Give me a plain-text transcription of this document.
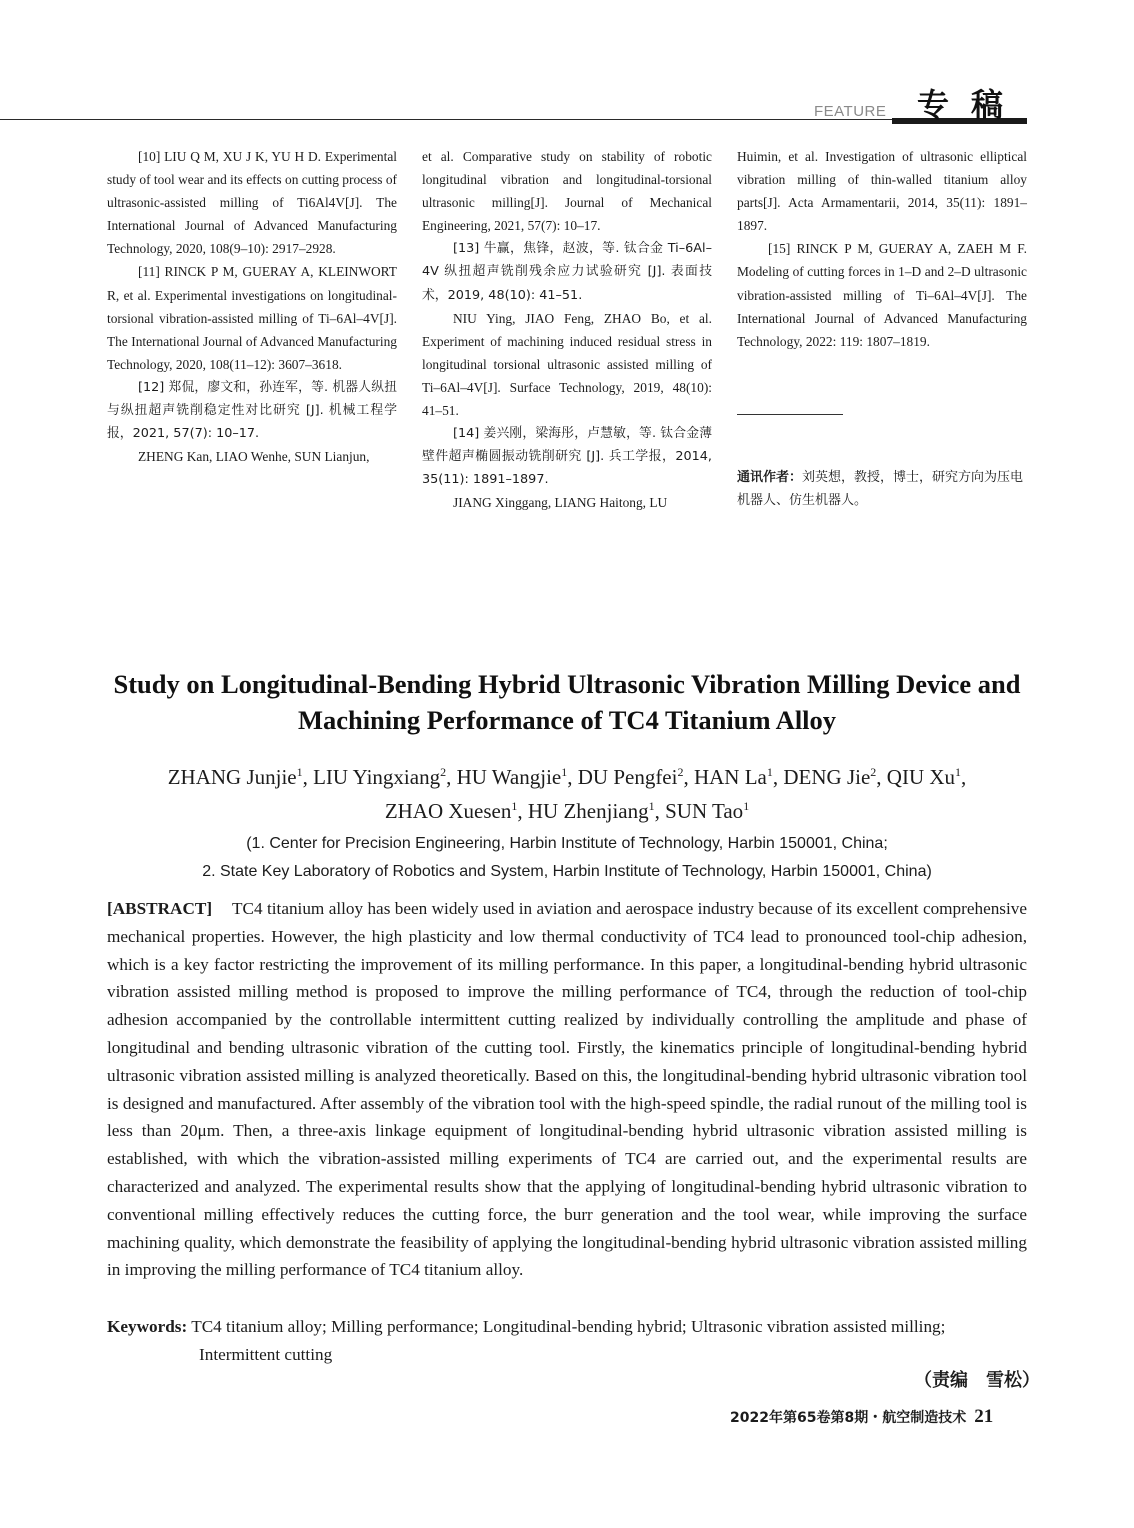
FEATURE 专稿

[10] LIU Q M, XU J K, YU H D. Experimental study of tool wear and its effects on cutting process of ultrasonic-assisted milling of Ti6Al4V[J]. The International Journal of Advanced Manufacturing Technology, 2020, 108(9–10): 2917–2928.

[11] RINCK P M, GUERAY A, KLEINWORT R, et al. Experimental investigations on longitudinal-torsional vibration-assisted milling of Ti–6Al–4V[J]. The International Journal of Advanced Manufacturing Technology, 2020, 108(11–12): 3607–3618.

[12] 郑侃，廖文和，孙连军，等. 机器人纵扭与纵扭超声铣削稳定性对比研究 [J]. 机械工程学报，2021, 57(7): 10–17.

ZHENG Kan, LIAO Wenhe, SUN Lianjun,

et al. Comparative study on stability of robotic longitudinal vibration and longitudinal-torsional ultrasonic milling[J]. Journal of Mechanical Engineering, 2021, 57(7): 10–17.

[13] 牛赢，焦锋，赵波，等. 钛合金 Ti–6Al–4V 纵扭超声铣削残余应力试验研究 [J]. 表面技术，2019, 48(10): 41–51.

NIU Ying, JIAO Feng, ZHAO Bo, et al. Experiment of machining induced residual stress in longitudinal torsional ultrasonic assisted milling of Ti–6Al–4V[J]. Surface Technology, 2019, 48(10): 41–51.

[14] 姜兴刚，梁海彤，卢慧敏，等. 钛合金薄壁件超声椭圆振动铣削研究 [J]. 兵工学报，2014, 35(11): 1891–1897.

JIANG Xinggang, LIANG Haitong, LU

Huimin, et al. Investigation of ultrasonic elliptical vibration milling of thin-walled titanium alloy parts[J]. Acta Armamentarii, 2014, 35(11): 1891–1897.

[15] RINCK P M, GUERAY A, ZAEH M F. Modeling of cutting forces in 1–D and 2–D ultrasonic vibration-assisted milling of Ti–6Al–4V[J]. The International Journal of Advanced Manufacturing Technology, 2022: 119: 1807–1819.

通讯作者：刘英想，教授，博士，研究方向为压电机器人、仿生机器人。
Study on Longitudinal-Bending Hybrid Ultrasonic Vibration Milling Device and Machining Performance of TC4 Titanium Alloy
ZHANG Junjie$^1$, LIU Yingxiang$^2$, HU Wangjie$^1$, DU Pengfei$^2$, HAN La$^1$, DENG Jie$^2$, QIU Xu$^1$,
ZHAO Xuesen$^1$, HU Zhenjiang$^1$, SUN Tao$^1$
(1. Center for Precision Engineering, Harbin Institute of Technology, Harbin 150001, China;
2. State Key Laboratory of Robotics and System, Harbin Institute of Technology, Harbin 150001, China)

[ABSTRACT] TC4 titanium alloy has been widely used in aviation and aerospace industry because of its excellent comprehensive mechanical properties. However, the high plasticity and low thermal conductivity of TC4 lead to pronounced tool-chip adhesion, which is a key factor restricting the improvement of its milling performance. In this paper, a longitudinal-bending hybrid ultrasonic vibration assisted milling method is proposed to improve the milling performance of TC4, through the reduction of tool-chip adhesion accompanied by the controllable intermittent cutting realized by individually controlling the amplitude and phase of longitudinal and bending ultrasonic vibration of the cutting tool. Firstly, the kinematics principle of longitudinal-bending hybrid ultrasonic vibration assisted milling is analyzed theoretically. Based on this, the longitudinal-bending hybrid ultrasonic vibration tool is designed and manufactured. After assembly of the vibration tool with the high-speed spindle, the radial runout of the milling tool is less than 20μm. Then, a three-axis linkage equipment of longitudinal-bending hybrid ultrasonic vibration assisted milling is established, with which the vibration-assisted milling experiments of TC4 are carried out, and the experimental results are characterized and analyzed. The experimental results show that the applying of longitudinal-bending hybrid ultrasonic vibration to conventional milling effectively reduces the cutting force, the burr generation and the tool wear, while improving the surface machining quality, which demonstrate the feasibility of applying the longitudinal-bending hybrid ultrasonic vibration assisted milling in improving the milling performance of TC4 titanium alloy.

Keywords: TC4 titanium alloy; Milling performance; Longitudinal-bending hybrid; Ultrasonic vibration assisted milling;
Intermittent cutting
（责编　雪松）
2022年第65卷第8期・航空制造技术 21
